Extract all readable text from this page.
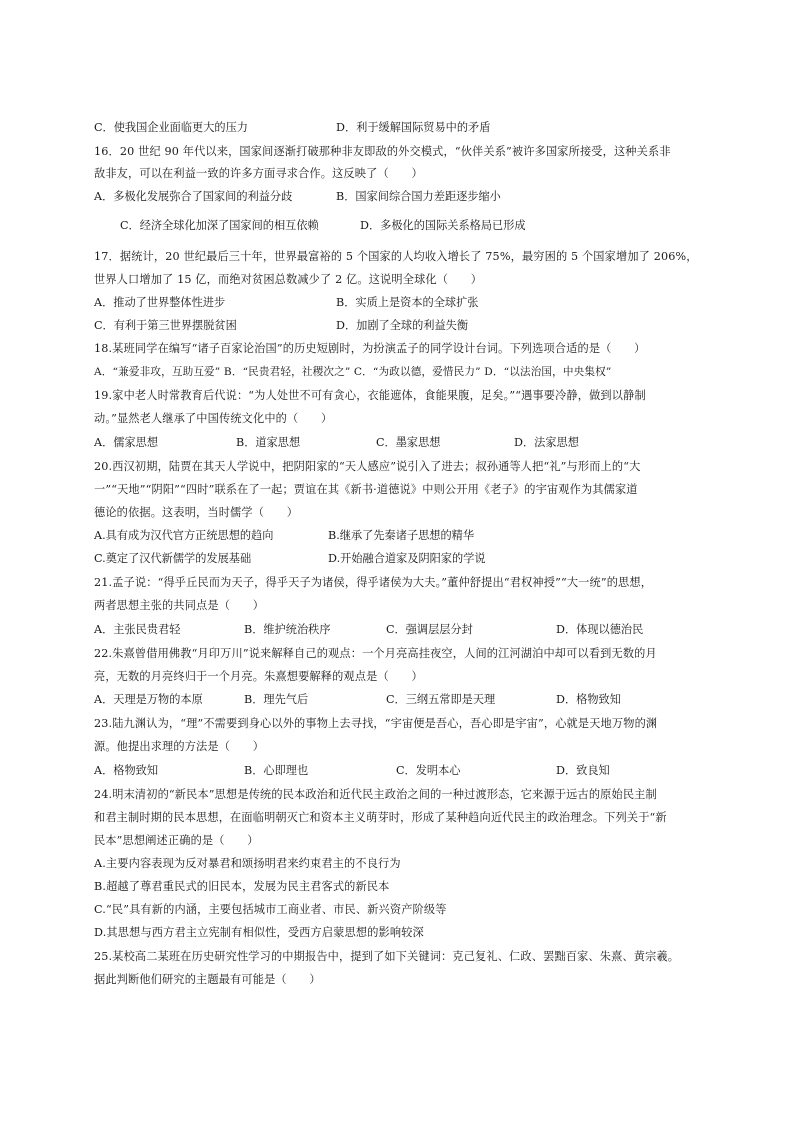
C．使我国企业面临更大的压力	D．利于缓解国际贸易中的矛盾
16．20 世纪 90 年代以来，国家间逐渐打破那种非友即敌的外交模式，“伙伴关系”被许多国家所接受，这种关系非
敌非友，可以在利益一致的许多方面寻求合作。这反映了（　　）
A．多极化发展弥合了国家间的利益分歧	B．国家间综合国力差距逐步缩小
C．经济全球化加深了国家间的相互依赖	D．多极化的国际关系格局已形成
17．据统计，20 世纪最后三十年，世界最富裕的 5 个国家的人均收入增长了 75%，最穷困的 5 个国家增加了 206%，
世界人口增加了 15 亿，而绝对贫困总数减少了 2 亿。这说明全球化（　　）
A．推动了世界整体性进步	B．实质上是资本的全球扩张
C．有利于第三世界摆脱贫困	D．加剧了全球的利益失衡
18.某班同学在编写“诸子百家论治国”的历史短剧时，为扮演孟子的同学设计台词。下列选项合适的是（　　）
A．“兼爱非攻，互助互爱” B．“民贵君轻，社稷次之” C．“为政以德，爱惜民力” D．“以法治国，中央集权”
19.家中老人时常教育后代说：“为人处世不可有贪心，衣能遮体，食能果腹，足矣。”“遇事要冷静，做到以静制
动。”显然老人继承了中国传统文化中的（　　）
A．儒家思想	B．道家思想	C．墨家思想	D．法家思想
20.西汉初期，陆贾在其天人学说中，把阴阳家的“天人感应”说引入了进去；叔孙通等人把“礼”与形而上的“大
一”“天地”“阴阳”“四时”联系在了一起；贾谊在其《新书·道德说》中则公开用《老子》的宇宙观作为其儒家道
德论的依据。这表明，当时儒学（　　）
A.具有成为汉代官方正统思想的趋向	B.继承了先秦诸子思想的精华
C.奠定了汉代新儒学的发展基础	D.开始融合道家及阴阳家的学说
21.孟子说：“得乎丘民而为天子，得乎天子为诸侯，得乎诸侯为大夫。”董仲舒提出“君权神授”“大一统”的思想，
两者思想主张的共同点是（　　）
A．主张民贵君轻	B．维护统治秩序	C．强调层层分封	D．体现以德治民
22.朱熹曾借用佛教“月印万川”说来解释自己的观点：一个月亮高挂夜空，人间的江河湖泊中却可以看到无数的月
亮，无数的月亮终归于一个月亮。朱熹想要解释的观点是（　　）
A．天理是万物的本原	B．理先气后	C．三纲五常即是天理	D．格物致知
23.陆九渊认为，“理”不需要到身心以外的事物上去寻找，“宇宙便是吾心，吾心即是宇宙”，心就是天地万物的渊
源。他提出求理的方法是（　　）
A．格物致知	B．心即理也	C．发明本心	D．致良知
24.明末清初的“新民本”思想是传统的民本政治和近代民主政治之间的一种过渡形态，它来源于远古的原始民主制
和君主制时期的民本思想，在面临明朝灭亡和资本主义萌芽时，形成了某种趋向近代民主的政治理念。下列关于“新
民本”思想阐述正确的是（　　）
A.主要内容表现为反对暴君和颂扬明君来约束君主的不良行为
B.超越了尊君重民式的旧民本，发展为民主君客式的新民本
C.“民”具有新的内涵，主要包括城市工商业者、市民、新兴资产阶级等
D.其思想与西方君主立宪制有相似性，受西方启蒙思想的影响较深
25.某校高二某班在历史研究性学习的中期报告中，提到了如下关键词：克己复礼、仁政、罢黜百家、朱熹、黄宗羲。
据此判断他们研究的主题最有可能是（　　）
